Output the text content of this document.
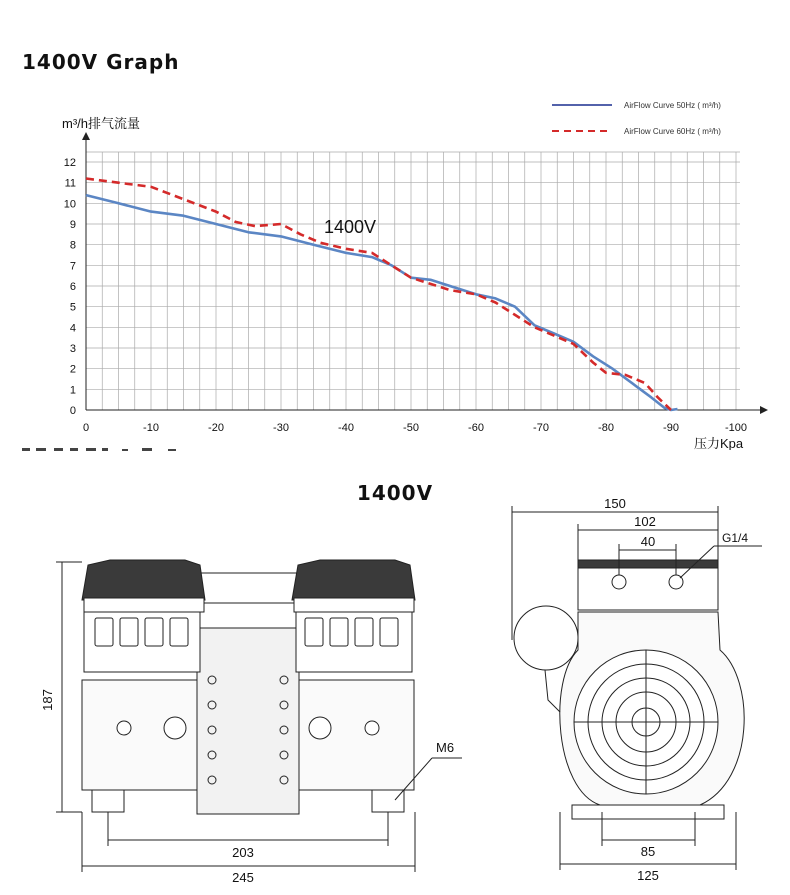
1400V Graph
0	-10	-20	-30	-40	-50	-60	-70	-80	-90	-100
0
1
2
3
4
5
6
7
8
9
10
11
12
m³/h排气流量
压力Kpa
1400V
AirFlow Curve 50Hz ( m³/h)
AirFlow Curve 60Hz ( m³/h)
1400V
187
M6
203
245
150
102
40	G1/4
85
125
